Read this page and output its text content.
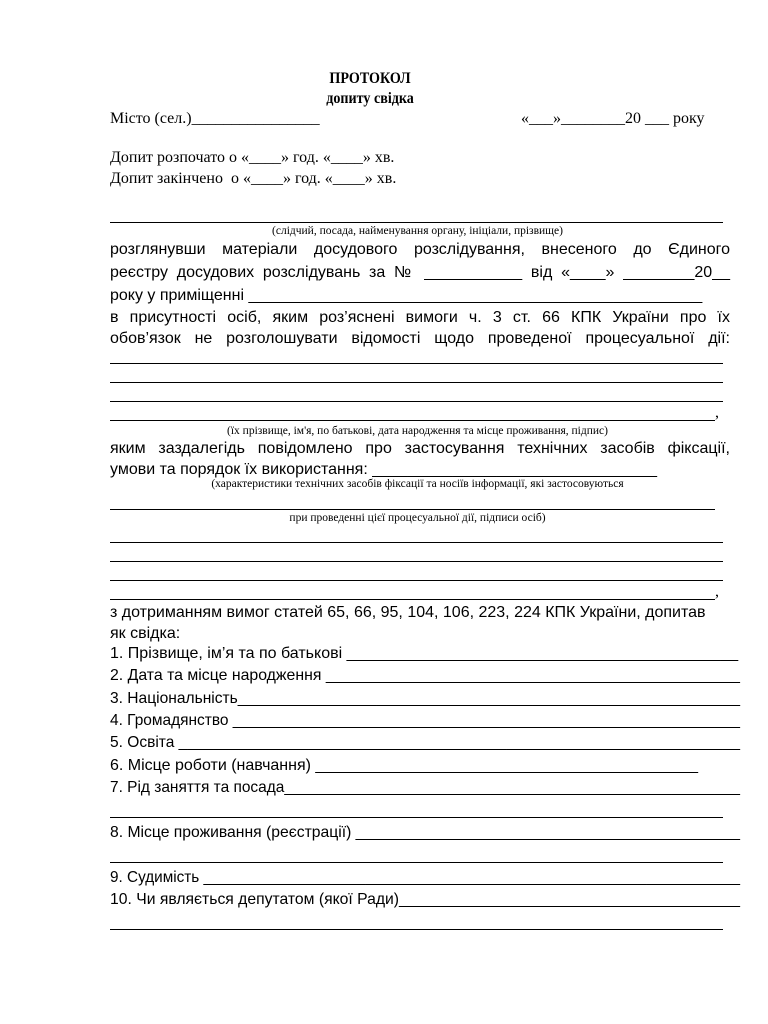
ПРОТОКОЛ

допиту свідка

Місто (сел.)________________	«___»________20 ___ року

Допит розпочато о «____» год. «____» хв.

Допит закінчено  о «____» год. «____» хв.

(слідчий, посада, найменування органу, ініціали, прізвище)

розглянувши матеріали досудового розслідування, внесеного до Єдиного

реєстру досудових розслідувань за № ___________ від «____» ________20__

року у приміщенні ___________________________________________________

в присутності осіб, яким роз’яснені вимоги ч. 3 ст. 66 КПК України про їх

обов’язок не розголошувати відомості щодо проведеної процесуальної дії:

,

(їх прізвище, ім'я, по батькові, дата народження та місце проживання, підпис)

яким заздалегідь повідомлено про застосування технічних засобів фіксації,

умови та порядок їх використання: ________________________________

(характеристики технічних засобів фіксації та носіїв інформації, які застосовуються

при проведенні цієї процесуальної дії, підписи осіб)

,

з дотриманням вимог статей 65, 66, 95, 104, 106, 223, 224 КПК України, допитав

як свідка:

1. Прізвище, ім’я та по батькові ____________________________________________

2. Дата та місце народження _______________________________________________

3. Національність__________________________________________________________

4. Громадянство ___________________________________________________________

5. Освіта _________________________________________________________________

6. Місце роботи (навчання) ___________________________________________

7. Рід заняття та посада_____________________________________________________

8. Місце проживання (реєстрації) ____________________________________________

9. Судимість _______________________________________________________________

10. Чи являється депутатом (якої Ради)_______________________________________
